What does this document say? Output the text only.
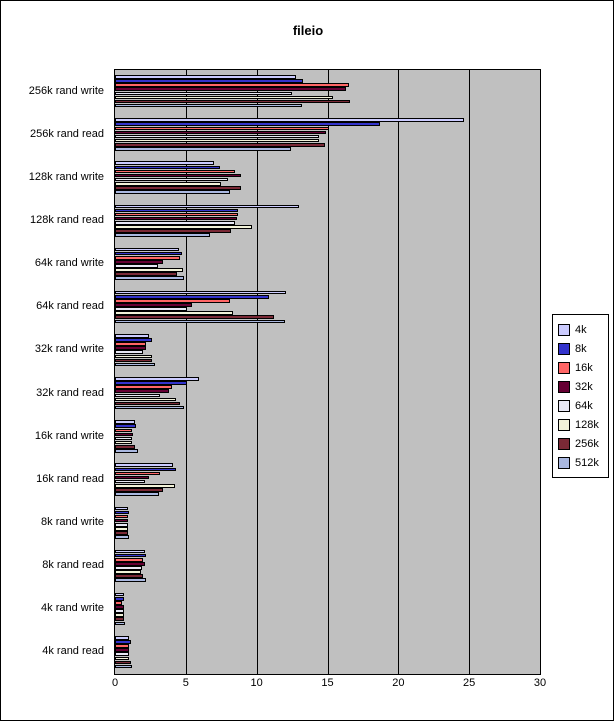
fileio
4k rand read
4k rand write
8k rand read
8k rand write
16k rand read
16k rand write
32k rand read
32k rand write
64k rand read
64k rand write
128k rand read
128k rand write
256k rand read
256k rand write
0	5	10	15	20	25	30
4k
8k
16k
32k
64k
128k
256k
512k
